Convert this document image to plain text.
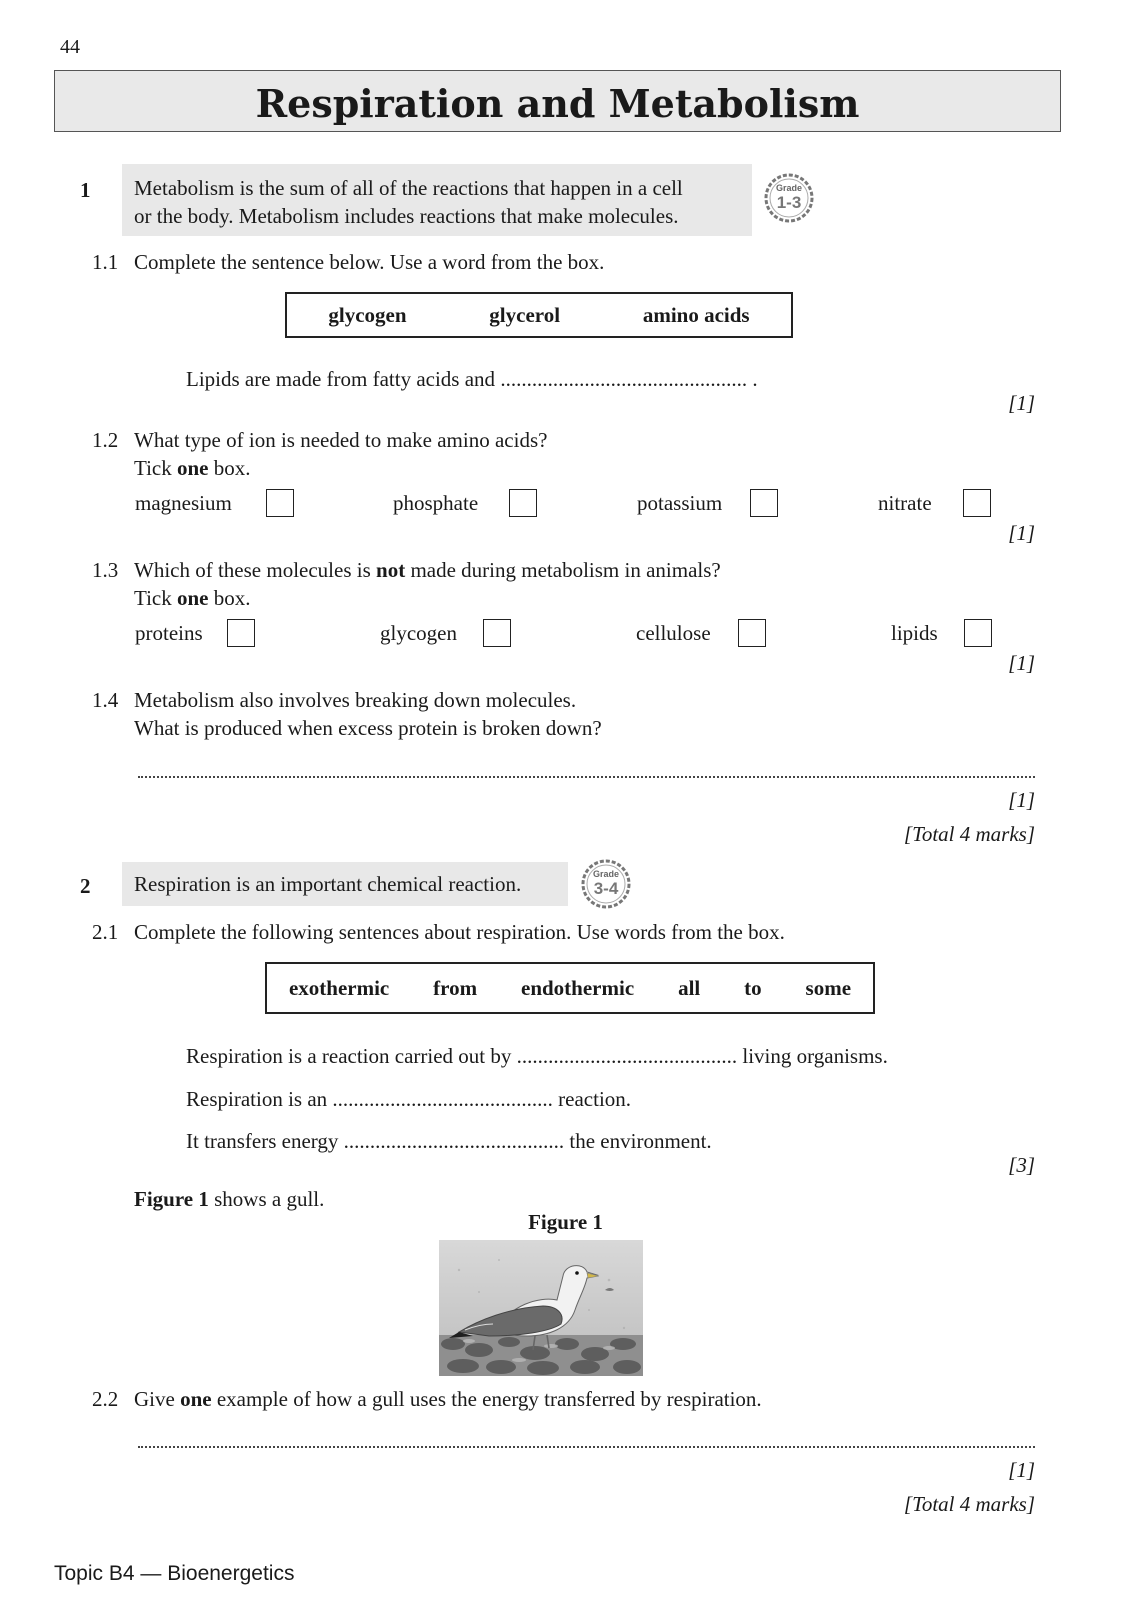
44
Respiration and Metabolism
1 Metabolism is the sum of all of the reactions that happen in a cell
or the body. Metabolism includes reactions that make molecules.
Grade
1-3
1.1 Complete the sentence below. Use a word from the box.
glycogen	glycerol	amino acids
Lipids are made from fatty acids and ............................................... .
[1]
1.2 What type of ion is needed to make amino acids?
Tick one box.
magnesium	phosphate	potassium	nitrate
[1]
1.3 Which of these molecules is not made during metabolism in animals?
Tick one box.
proteins	glycogen	cellulose	lipids
[1]
1.4 Metabolism also involves breaking down molecules.
What is produced when excess protein is broken down?
[1]
[Total 4 marks]
2 Respiration is an important chemical reaction.	Grade
3-4
2.1 Complete the following sentences about respiration. Use words from the box.
exothermic from endothermic all to some
Respiration is a reaction carried out by .......................................... living organisms.
Respiration is an .......................................... reaction.
It transfers energy .......................................... the environment.
[3]
Figure 1 shows a gull.
Figure 1
2.2 Give one example of how a gull uses the energy transferred by respiration.
[1]
[Total 4 marks]
Topic B4 — Bioenergetics
